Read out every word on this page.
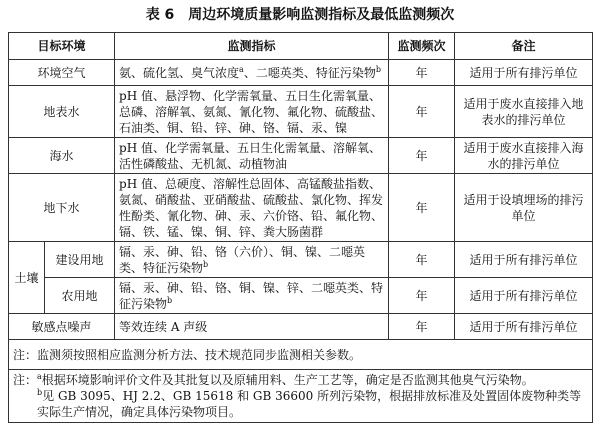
表 6　周边环境质量影响监测指标及最低监测频次
目标环境		监测指标	监测频次	备注
环境空气		氨、硫化氢、臭气浓度$^a$、二噁英类、特征污染物$^b$	年	适用于所有排污单位
地表水		pH 值、悬浮物、化学需氧量、五日生化需氧量、总磷、溶解氧、氨氮、氰化物、氟化物、硫酸盐、石油类、铜、铅、锌、砷、铬、镉、汞、镍	年	适用于废水直接排入地表水的排污单位
海水		pH 值、化学需氧量、五日生化需氧量、溶解氧、活性磷酸盐、无机氮、动植物油	年	适用于废水直接排入海水的排污单位
地下水		pH 值、总硬度、溶解性总固体、高锰酸盐指数、氨氮、硝酸盐、亚硝酸盐、硫酸盐、氯化物、挥发性酚类、氰化物、砷、汞、六价铬、铅、氟化物、镉、铁、锰、镍、铜、锌、粪大肠菌群	年	适用于设填埋场的排污单位
土壤	建设用地	镉、汞、砷、铅、铬（六价）、铜、镍、二噁英类、特征污染物$^b$	年	适用于所有排污单位
	农用地	镉、汞、砷、铅、铬、铜、镍、锌、二噁英类、特征污染物$^b$	年	适用于所有排污单位
敏感点噪声		等效连续 A 声级	年	适用于所有排污单位
注：监测须按照相应监测分析方法、技术规范同步监测相关参数。				

注：$^a$根据环境影响评价文件及其批复以及原辅用料、生产工艺等，确定是否监测其他臭气污染物。
$^b$见 GB 3095、HJ 2.2、GB 15618 和 GB 36600 所列污染物，根据排放标准及处置固体废物种类等实际生产情况，确定具体污染物项目。				
